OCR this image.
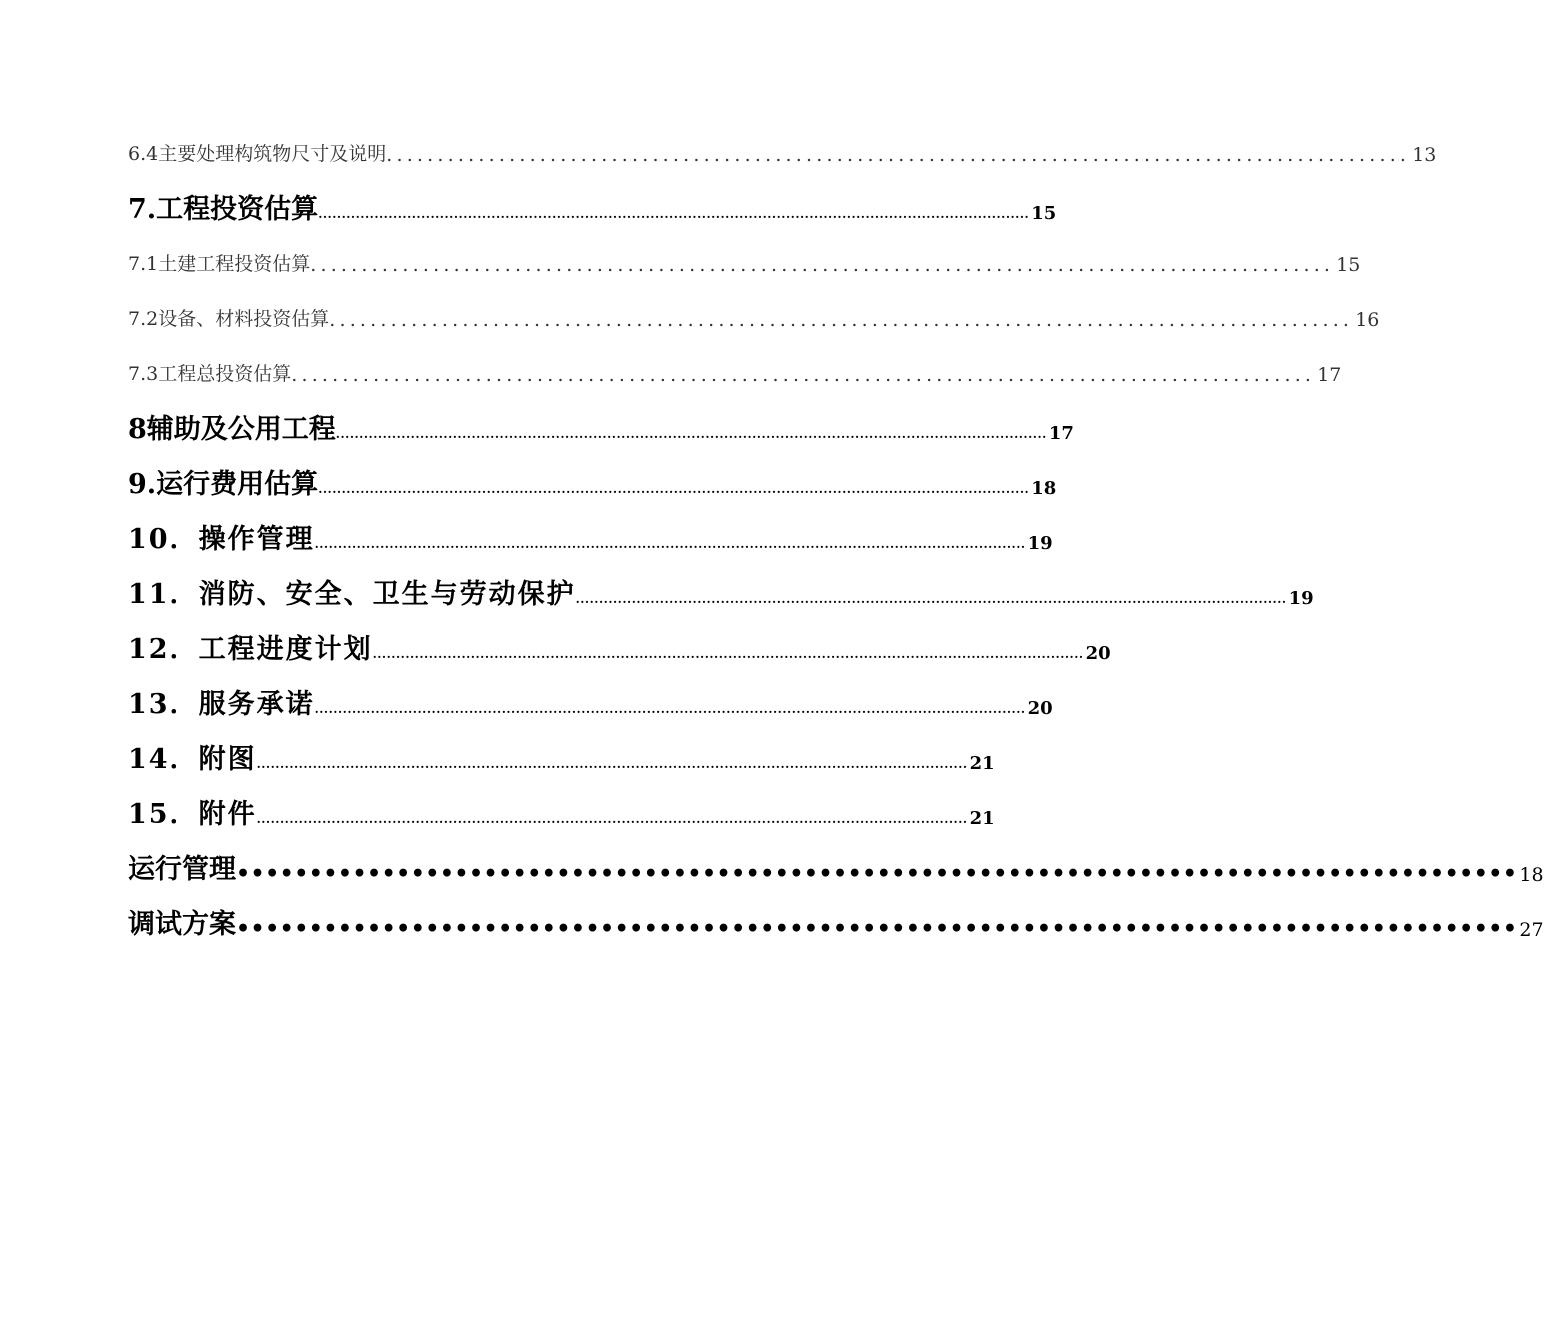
6.4主要处理构筑物尺寸及说明 .................................................................................................... 13
7.工程投资估算 ........................................................................................................................................................ 15
7.1土建工程投资估算 .................................................................................................... 15
7.2设备、材料投资估算 .................................................................................................... 16
7.3工程总投资估算 .................................................................................................... 17
8辅助及公用工程 ........................................................................................................................................................ 17
9.运行费用估算 ........................................................................................................................................................ 18
10．操作管理 ........................................................................................................................................................ 19
11．消防、安全、卫生与劳动保护 ........................................................................................................................................................ 19
12．工程进度计划 ........................................................................................................................................................ 20
13．服务承诺 ........................................................................................................................................................ 20
14．附图 ........................................................................................................................................................ 21
15．附件 ........................................................................................................................................................ 21
运行管理 •••••••••••••••••••••••••••••••••••••••••••••••••••••••••••••••••••••••••••••••••••••••• 18
调试方案 •••••••••••••••••••••••••••••••••••••••••••••••••••••••••••••••••••••••••••••••••••••••• 27
